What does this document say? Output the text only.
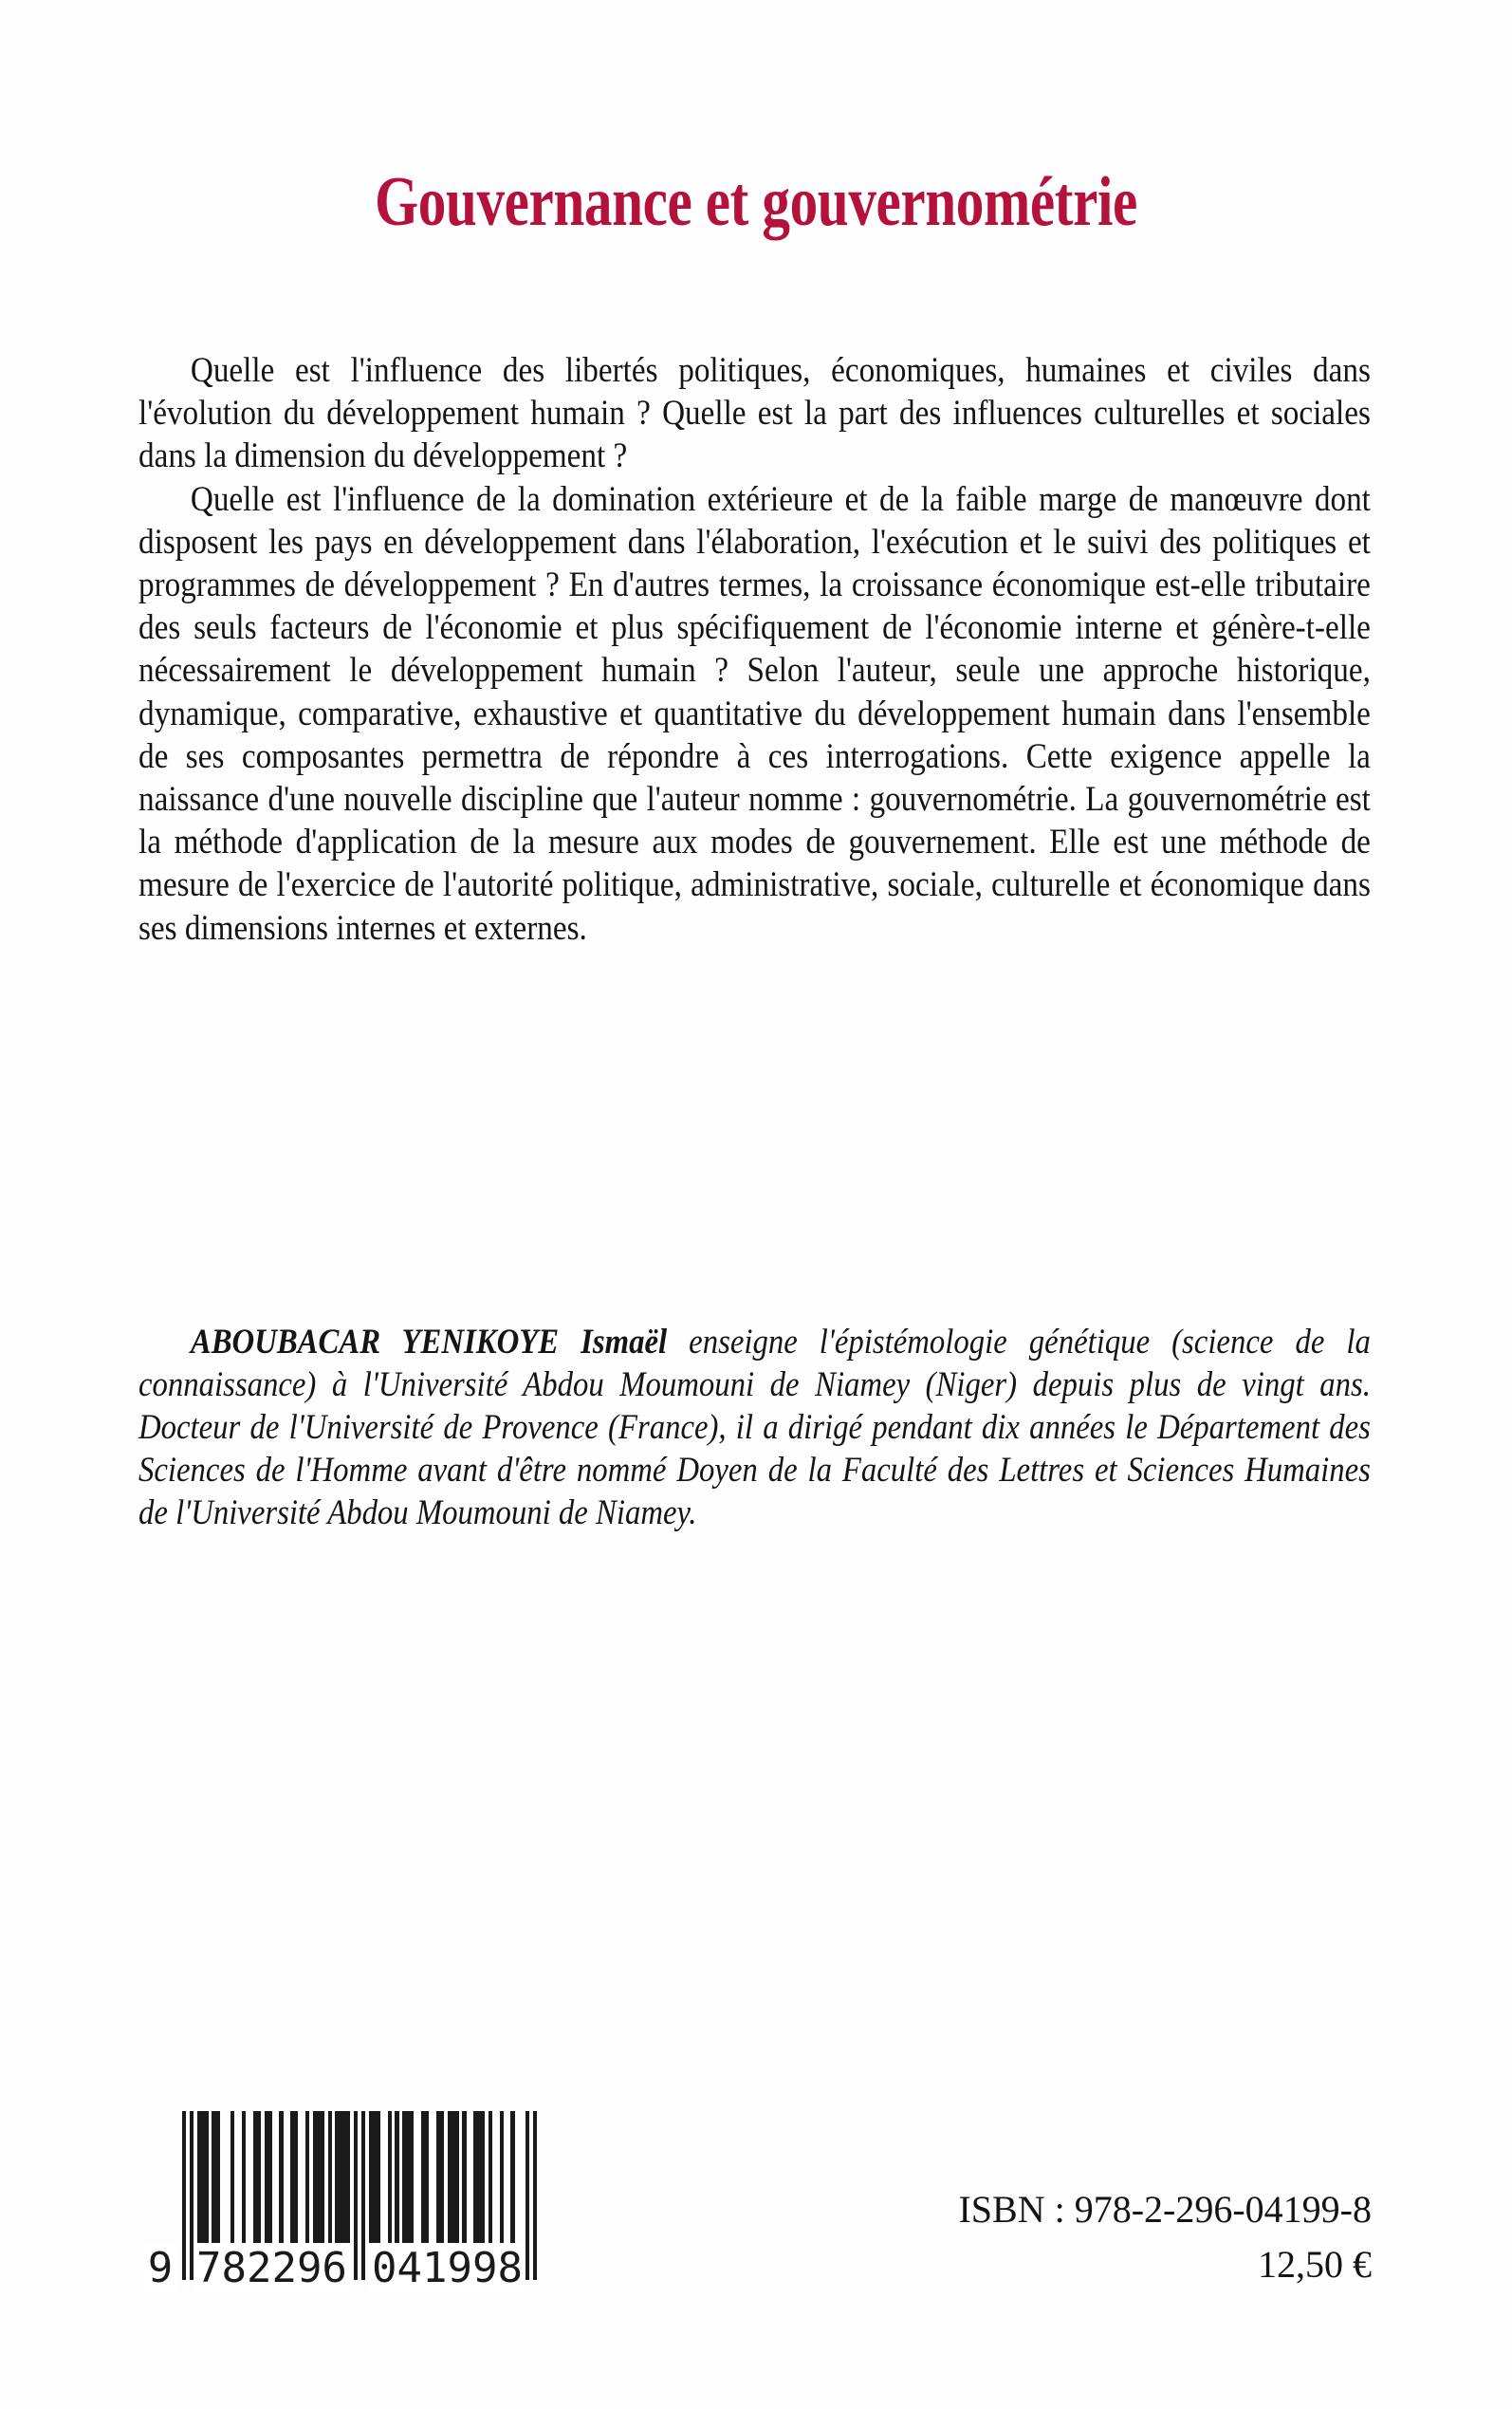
Gouvernance et gouvernométrie

Quelle est l'influence des libertés politiques, économiques, humaines et civiles dans l'évolution du développement humain ? Quelle est la part des influences culturelles et sociales dans la dimension du développement ?

Quelle est l'influence de la domination extérieure et de la faible marge de manœuvre dont disposent les pays en développement dans l'élaboration, l'exécution et le suivi des politiques et programmes de développement ? En d'autres termes, la croissance économique est-elle tributaire des seuls facteurs de l'économie et plus spécifiquement de l'économie interne et génère-t-elle nécessairement le développement humain ? Selon l'auteur, seule une approche historique, dynamique, comparative, exhaustive et quantitative du développement humain dans l'ensemble de ses composantes permettra de répondre à ces interrogations. Cette exigence appelle la naissance d'une nouvelle discipline que l'auteur nomme : gouvernométrie. La gouvernométrie est la méthode d'application de la mesure aux modes de gouvernement. Elle est une méthode de mesure de l'exercice de l'autorité politique, administrative, sociale, culturelle et économique dans ses dimensions internes et externes.

ABOUBACAR YENIKOYE Ismaël enseigne l'épistémologie génétique (science de la connaissance) à l'Université Abdou Moumouni de Niamey (Niger) depuis plus de vingt ans. Docteur de l'Université de Provence (France), il a dirigé pendant dix années le Département des Sciences de l'Homme avant d'être nommé Doyen de la Faculté des Lettres et Sciences Humaines de l'Université Abdou Moumouni de Niamey.

9 782296 041998
ISBN : 978-2-296-04199-8
12,50 €
